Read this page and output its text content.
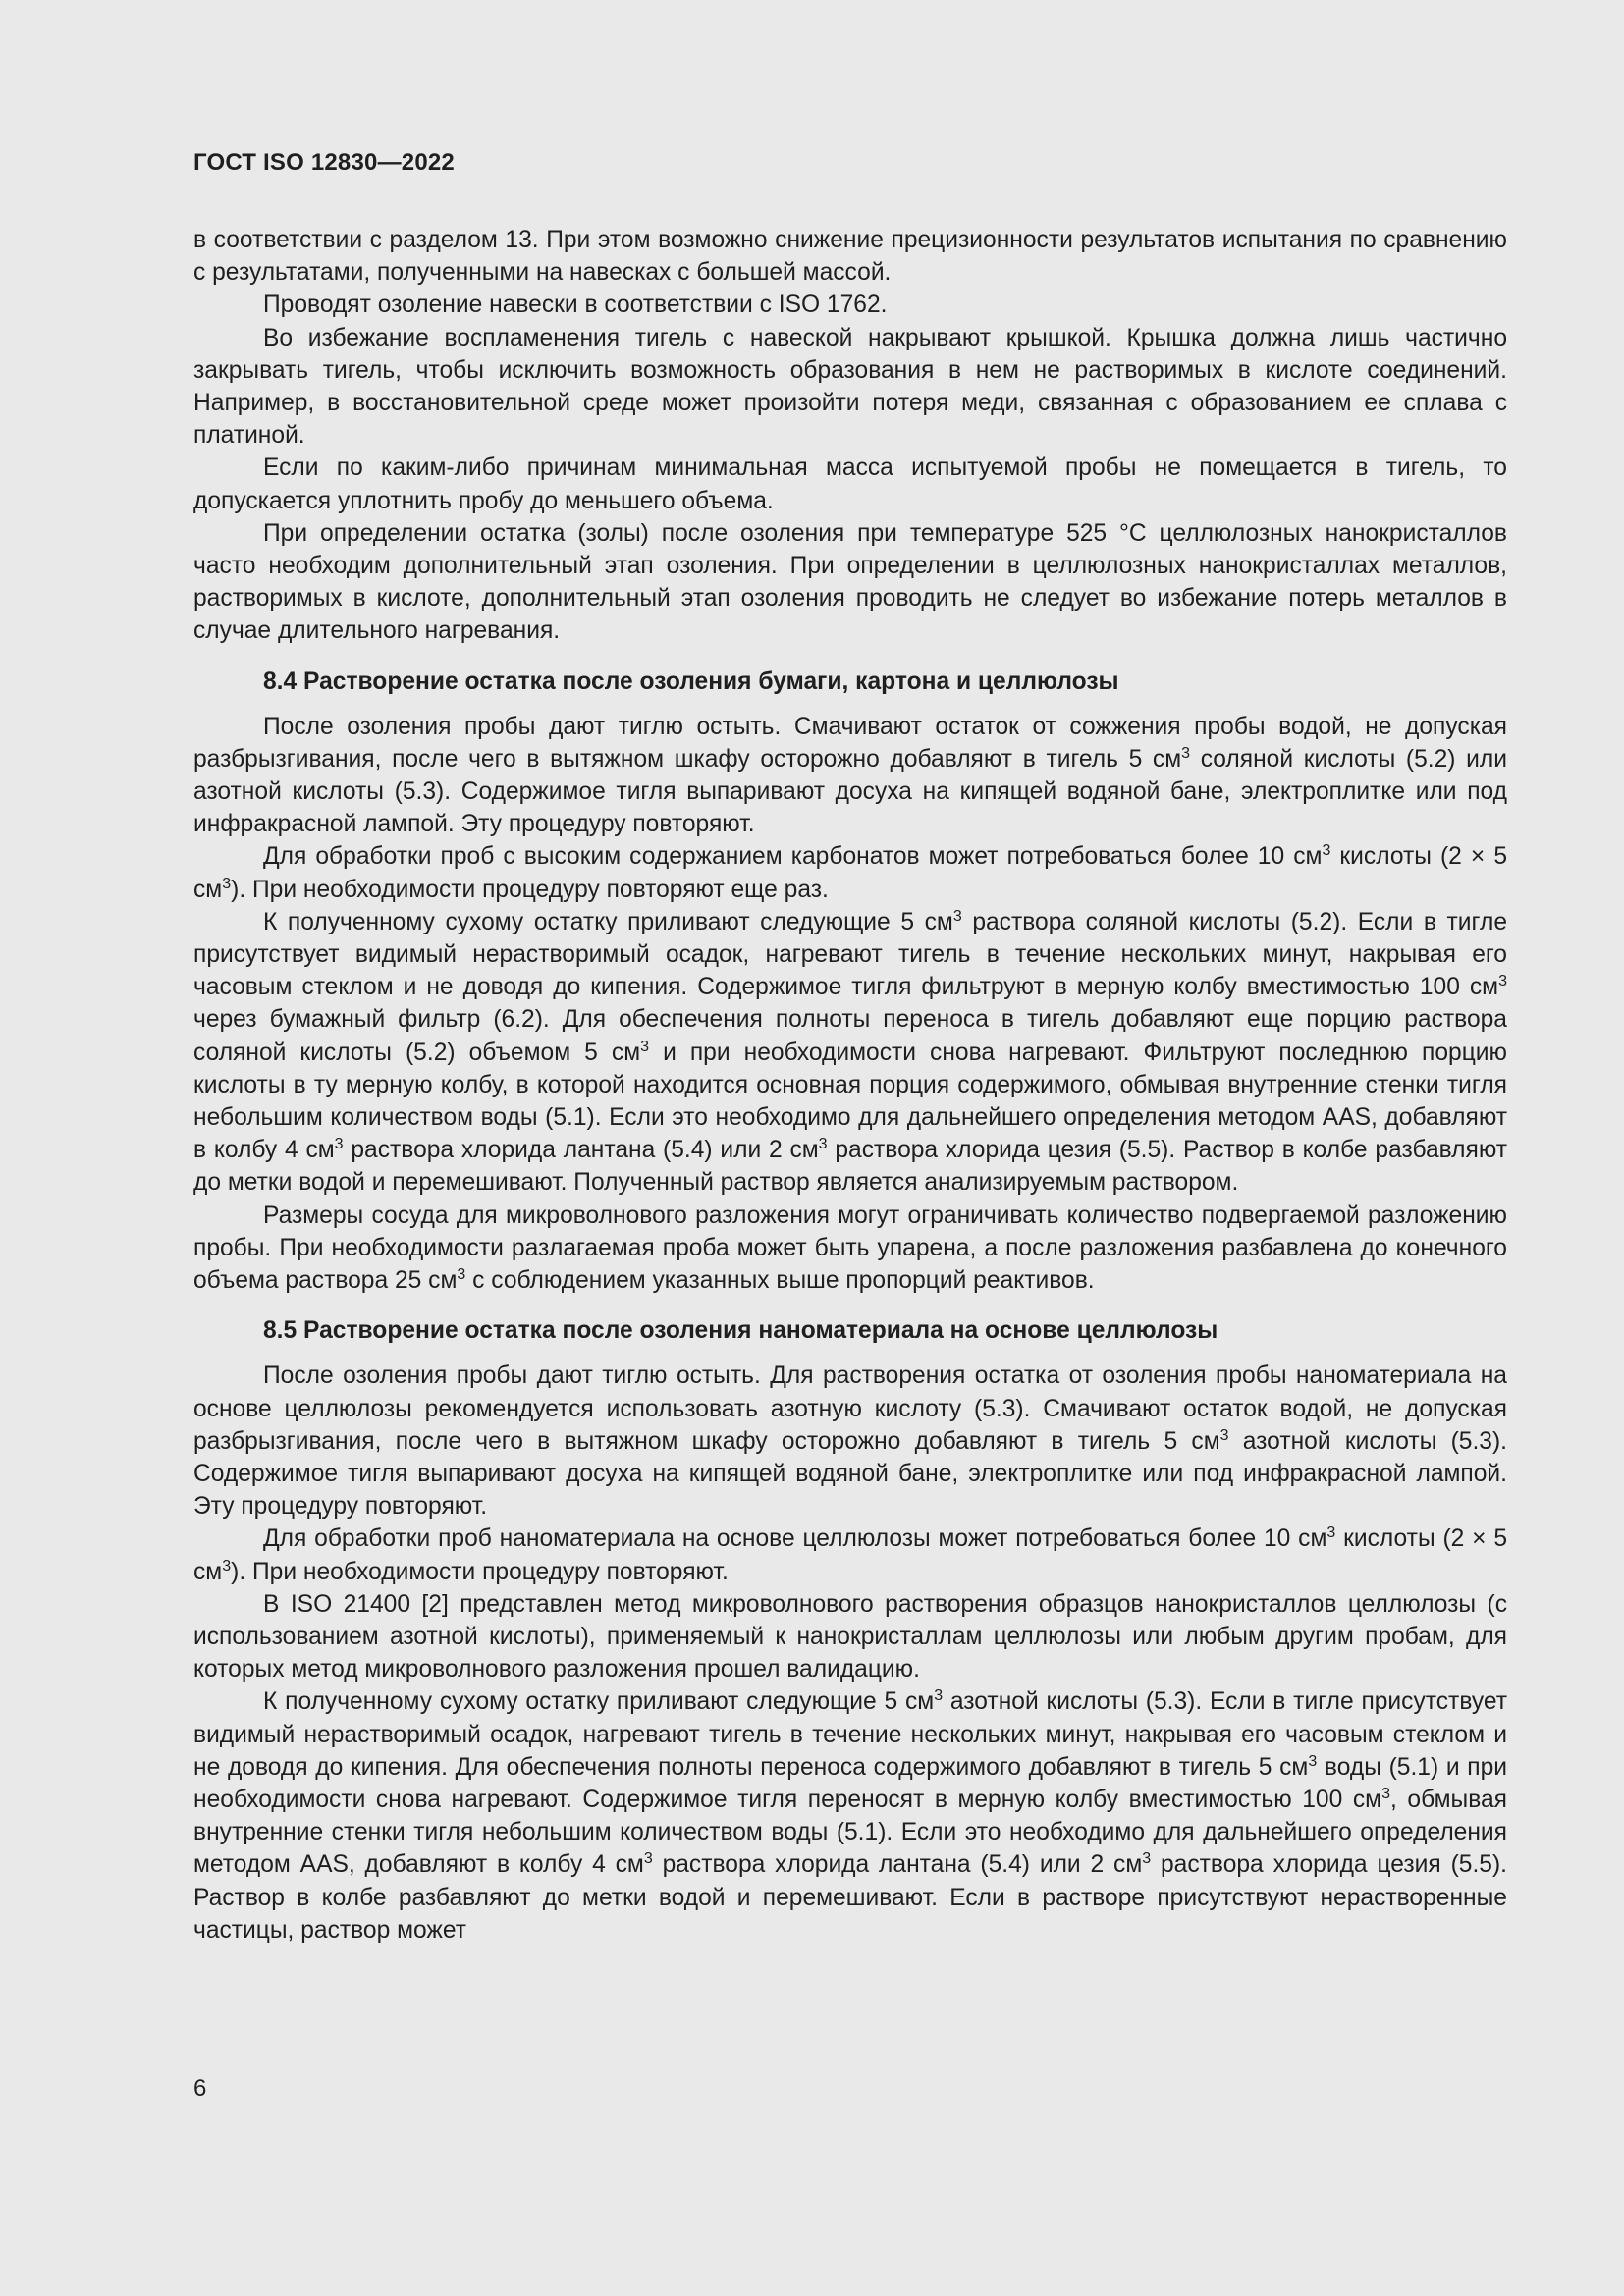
ГОСТ ISO 12830—2022

в соответствии с разделом 13. При этом возможно снижение прецизионности результатов испытания по сравнению с результатами, полученными на навесках с большей массой.

Проводят озоление навески в соответствии с ISO 1762.

Во избежание воспламенения тигель с навеской накрывают крышкой. Крышка должна лишь частично закрывать тигель, чтобы исключить возможность образования в нем не растворимых в кислоте соединений. Например, в восстановительной среде может произойти потеря меди, связанная с образованием ее сплава с платиной.

Если по каким-либо причинам минимальная масса испытуемой пробы не помещается в тигель, то допускается уплотнить пробу до меньшего объема.

При определении остатка (золы) после озоления при температуре 525 °С целлюлозных нанокристаллов часто необходим дополнительный этап озоления. При определении в целлюлозных нанокристаллах металлов, растворимых в кислоте, дополнительный этап озоления проводить не следует во избежание потерь металлов в случае длительного нагревания.

8.4 Растворение остатка после озоления бумаги, картона и целлюлозы

После озоления пробы дают тиглю остыть. Смачивают остаток от сожжения пробы водой, не допуская разбрызгивания, после чего в вытяжном шкафу осторожно добавляют в тигель 5 $см^3$ соляной кислоты (5.2) или азотной кислоты (5.3). Содержимое тигля выпаривают досуха на кипящей водяной бане, электроплитке или под инфракрасной лампой. Эту процедуру повторяют.

Для обработки проб с высоким содержанием карбонатов может потребоваться более 10 $см^3$ кислоты (2 × 5 $см^3$). При необходимости процедуру повторяют еще раз.

К полученному сухому остатку приливают следующие 5 $см^3$ раствора соляной кислоты (5.2). Если в тигле присутствует видимый нерастворимый осадок, нагревают тигель в течение нескольких минут, накрывая его часовым стеклом и не доводя до кипения. Содержимое тигля фильтруют в мерную колбу вместимостью 100 $см^3$ через бумажный фильтр (6.2). Для обеспечения полноты переноса в тигель добавляют еще порцию раствора соляной кислоты (5.2) объемом 5 $см^3$ и при необходимости снова нагревают. Фильтруют последнюю порцию кислоты в ту мерную колбу, в которой находится основная порция содержимого, обмывая внутренние стенки тигля небольшим количеством воды (5.1). Если это необходимо для дальнейшего определения методом AAS, добавляют в колбу 4 $см^3$ раствора хлорида лантана (5.4) или 2 $см^3$ раствора хлорида цезия (5.5). Раствор в колбе разбавляют до метки водой и перемешивают. Полученный раствор является анализируемым раствором.

Размеры сосуда для микроволнового разложения могут ограничивать количество подвергаемой разложению пробы. При необходимости разлагаемая проба может быть упарена, а после разложения разбавлена до конечного объема раствора 25 $см^3$ с соблюдением указанных выше пропорций реактивов.

8.5 Растворение остатка после озоления наноматериала на основе целлюлозы

После озоления пробы дают тиглю остыть. Для растворения остатка от озоления пробы наноматериала на основе целлюлозы рекомендуется использовать азотную кислоту (5.3). Смачивают остаток водой, не допуская разбрызгивания, после чего в вытяжном шкафу осторожно добавляют в тигель 5 $см^3$ азотной кислоты (5.3). Содержимое тигля выпаривают досуха на кипящей водяной бане, электроплитке или под инфракрасной лампой. Эту процедуру повторяют.

Для обработки проб наноматериала на основе целлюлозы может потребоваться более 10 $см^3$ кислоты (2 × 5 $см^3$). При необходимости процедуру повторяют.

В ISO 21400 [2] представлен метод микроволнового растворения образцов нанокристаллов целлюлозы (с использованием азотной кислоты), применяемый к нанокристаллам целлюлозы или любым другим пробам, для которых метод микроволнового разложения прошел валидацию.

К полученному сухому остатку приливают следующие 5 $см^3$ азотной кислоты (5.3). Если в тигле присутствует видимый нерастворимый осадок, нагревают тигель в течение нескольких минут, накрывая его часовым стеклом и не доводя до кипения. Для обеспечения полноты переноса содержимого добавляют в тигель 5 $см^3$ воды (5.1) и при необходимости снова нагревают. Содержимое тигля переносят в мерную колбу вместимостью 100 $см^3$, обмывая внутренние стенки тигля небольшим количеством воды (5.1). Если это необходимо для дальнейшего определения методом AAS, добавляют в колбу 4 $см^3$ раствора хлорида лантана (5.4) или 2 $см^3$ раствора хлорида цезия (5.5). Раствор в колбе разбавляют до метки водой и перемешивают. Если в растворе присутствуют нерастворенные частицы, раствор может

6
